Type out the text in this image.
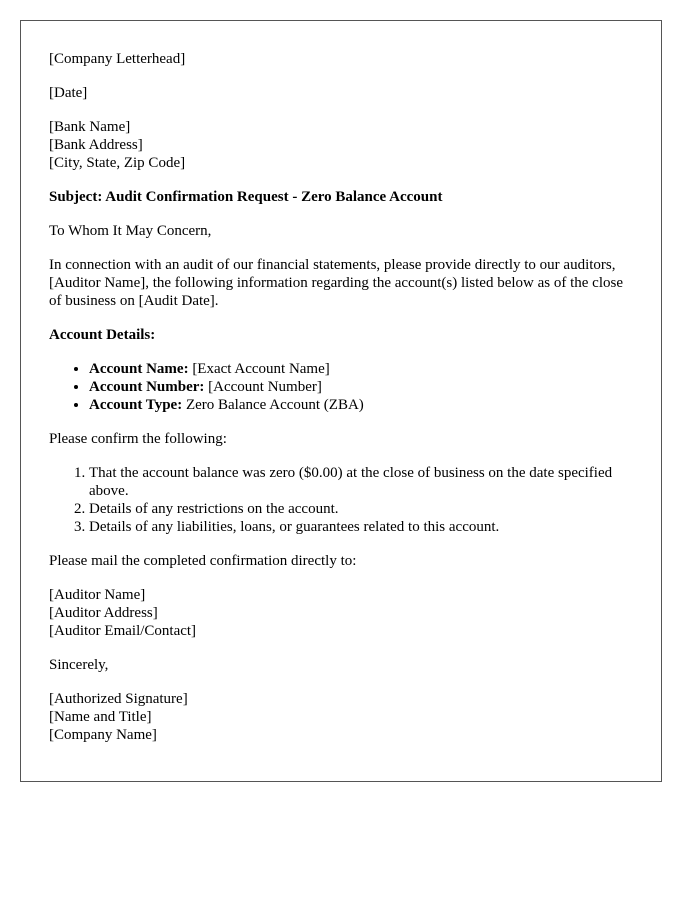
[Company Letterhead]

[Date]

[Bank Name]
[Bank Address]
[City, State, Zip Code]

Subject: Audit Confirmation Request - Zero Balance Account

To Whom It May Concern,

In connection with an audit of our financial statements, please provide directly to our auditors, [Auditor Name], the following information regarding the account(s) listed below as of the close of business on [Audit Date].

Account Details:

• Account Name: [Exact Account Name]
• Account Number: [Account Number]
• Account Type: Zero Balance Account (ZBA)

Please confirm the following:

1. That the account balance was zero ($0.00) at the close of business on the date specified above.
2. Details of any restrictions on the account.
3. Details of any liabilities, loans, or guarantees related to this account.

Please mail the completed confirmation directly to:

[Auditor Name]
[Auditor Address]
[Auditor Email/Contact]

Sincerely,

[Authorized Signature]
[Name and Title]
[Company Name]
